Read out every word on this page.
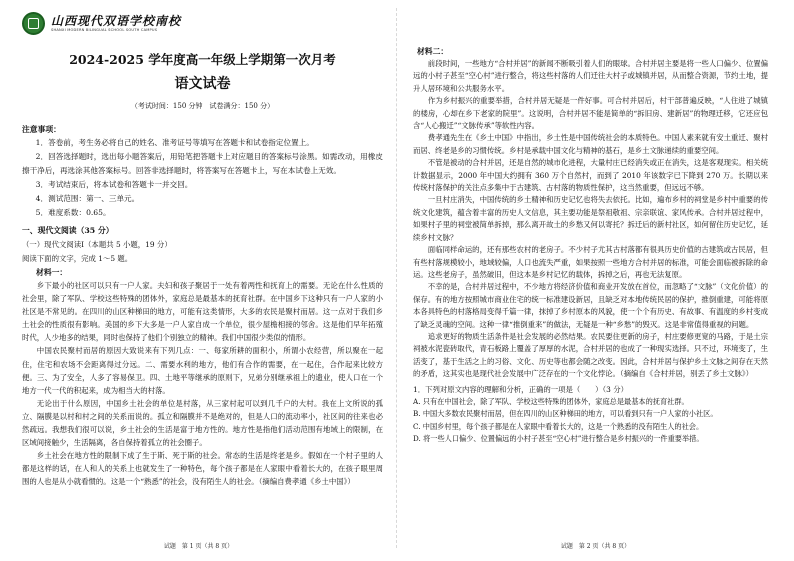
山西现代双语学校南校
SHANXI MODERN BILINGUAL SCHOOL SOUTH CAMPUS
2024-2025 学年度高一年级上学期第一次月考
语文试卷
（考试时间：150 分钟　试卷满分：150 分）

注意事项：

1．答卷前，考生务必将自己的姓名、准考证号等填写在答题卡和试卷指定位置上。

2．回答选择题时，选出每小题答案后，用铅笔把答题卡上对应题目的答案标号涂黑。如需改动，用橡皮擦干净后，再选涂其他答案标号。回答非选择题时，将答案写在答题卡上，写在本试卷上无效。

3．考试结束后，将本试卷和答题卡一并交回。

4．测试范围：第一、三单元。

5．难度系数：0.65。

一、现代文阅读（35 分）

（一）现代文阅读Ⅰ（本题共 5 小题，19 分）

阅读下面的文字，完成 1～5 题。

材料一：

乡下最小的社区可以只有一户人家。夫妇和孩子聚居于一处有着两性和抚育上的需要。无论在什么性质的社会里，除了军队、学校这些特殊的团体外，家庭总是最基本的抚育社群。在中国乡下这种只有一户人家的小社区是不常见的。在四川的山区种梯田的地方，可能有这类情形，大多的农民是聚村而居。这一点对于我们乡土社会的性质很有影响。美国的乡下大多是一户人家自成一个单位，很少屋檐相接的邻舍。这是他们早年拓殖时代，人少地多的结果，同时也保持了他们个别独立的精神。我们中国很少类似的情形。

中国农民聚村而居的原因大致说来有下列几点：一、每家所耕的面积小，所谓小农经营，所以聚在一起住，住宅和农场不会距离得过分远。二、需要水利的地方，他们有合作的需要，在一起住，合作起来比较方便。三、为了安全，人多了容易保卫。四、土地平等继承的原则下，兄弟分别继承祖上的遗业，使人口在一个地方一代一代的积起来，成为相当大的村落。

无论出于什么原因，中国乡土社会的单位是村落，从三家村起可以到几千户的大村。我在上文所说的孤立、隔膜是以村和村之间的关系而说的。孤立和隔膜并不是绝对的，但是人口的流动率小，社区间的往来也必然疏远。我想我们很可以说，乡土社会的生活是富于地方性的。地方性是指他们活动范围有地域上的限制，在区域间接触少，生活隔离，各自保持着孤立的社会圈子。

乡土社会在地方性的限制下成了生于斯、死于斯的社会。常态的生活是终老是乡。假如在一个村子里的人都是这样的话，在人和人的关系上也就发生了一种特色，每个孩子都是在人家眼中看着长大的，在孩子眼里周围的人也是从小就看惯的。这是一个“熟悉”的社会，没有陌生人的社会。（摘编自费孝通《乡土中国》）

试题　第 1 页（共 8 页）

材料二：

前段时间，一些地方“合村并居”的新闻不断吸引着人们的眼球。合村并居主要是将一些人口偏少、位置偏远的小村子甚至“空心村”进行整合，将这些村落的人们迁往大村子或城镇并居，从而整合资源，节约土地，提升人居环境和公共服务水平。

作为乡村振兴的重要举措，合村并居无疑是一件好事。可合村并居后，村干部普遍反映，“人住进了城镇的楼房，心却在乡下老家的院里”。这说明，合村并居不能是简单的“拆旧房、建新居”的物理迁移，它还应包含“人心搬迁”“文脉传承”等软性内容。

费孝通先生在《乡土中国》中指出，乡土性是中国传统社会的本质特色。中国人素来就有安土重迁、聚村而居、终老是乡的习惯传统。乡村是承载中国文化与精神的基石，是乡土文脉递续的重要空间。

不管是被动的合村并居，还是自然的城市化进程，大量村庄已经消失或正在消失，这是客观现实。相关统计数据显示，2000 年中国大约拥有 360 万个自然村，而到了 2010 年该数字已下降到 270 万。长期以来传统村落保护的关注点多集中于古建筑、古村落的物质性保护，这当然重要，但远远不够。

一旦村庄消失，中国传统的乡土精神和历史记忆也将失去依托。比如，遍布乡村的祠堂是乡村中重要的传统文化建筑，蕴含着丰富的历史人文信息，其主要功能是祭祖敬祖、宗亲联谊、家风传承。合村并居过程中，如果村子里的祠堂被简单拆掉，那么离开故土的乡愁又何以寄托？拆迁后的新村社区，如何留住历史记忆，延续乡村文脉？

面临同样命运的，还有那些农村的老房子。不少村子尤其古村落都有很具历史价值的古建筑或古民居，但有些村落规模较小，地域较偏，人口也流失严重，如果按照一些地方合村并居的标准，可能会面临被拆除的命运。这些老房子，虽然破旧，但这本是乡村记忆的载体，拆掉之后，再也无法复原。

不幸的是，合村并居过程中，不少地方将经济价值和商业开发放在首位，而忽略了“文脉”（文化价值）的保存。有的地方按照城市商业住宅的统一标准建设新居，且缺乏对本地传统民居的保护，推倒重建，可能将原本各具特色的村落格局变得千篇一律，抹掉了乡村原本的风貌，使一个个有历史、有故事、有温度的乡村变成了缺乏灵魂的空间。这种一律“推倒重来”的做法，无疑是一种“乡愁”的毁灭。这是非常值得重视的问题。

追求更好的物质生活条件是社会发展的必然结果。农民要住更新的房子，村庄要修更宽的马路，于是土宗祠被水泥瓷砖取代，青石板路上覆盖了厚厚的水泥，合村并居的也成了一种现实选择。只不过，环境变了，生活变了，基于生活之上的习俗、文化、历史等也都会随之改变。因此，合村并居与保护乡土文脉之间存在天然的矛盾，这其实也是现代社会发展中广泛存在的一个文化悖论。（摘编自《合村并居，别丢了乡土文脉》）

1．下列对原文内容的理解和分析，正确的一项是（　　）（3 分）

A. 只有在中国社会，除了军队、学校这些特殊的团体外，家庭总是最基本的抚育社群。

B. 中国大多数农民聚村而居，但在四川的山区种梯田的地方，可以看到只有一户人家的小社区。

C. 中国乡村里，每个孩子都是在人家眼中看着长大的，这是一个熟悉的没有陌生人的社会。

D. 将一些人口偏少、位置偏远的小村子甚至“空心村”进行整合是乡村振兴的一件重要举措。

试题　第 2 页（共 8 页）
